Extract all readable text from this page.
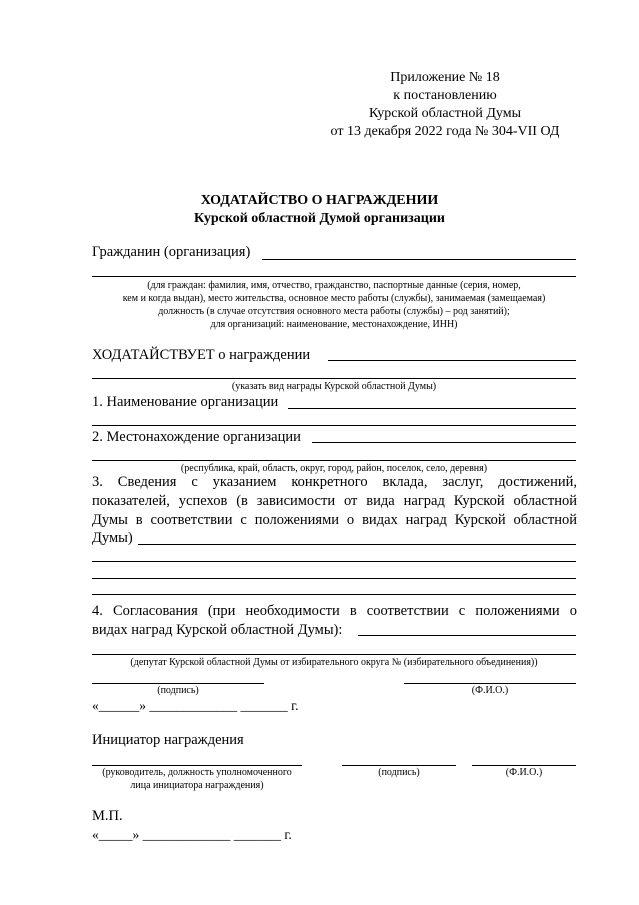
Приложение № 18
к постановлению
Курской областной Думы
от 13 декабря 2022 года № 304-VII ОД
ХОДАТАЙСТВО О НАГРАЖДЕНИИ
Курской областной Думой организации
Гражданин (организация)
(для граждан: фамилия, имя, отчество, гражданство, паспортные данные (серия, номер,
кем и когда выдан), место жительства, основное место работы (службы), занимаемая (замещаемая)
должность (в случае отсутствия основного места работы (службы) – род занятий);
для организаций: наименование, местонахождение, ИНН)
ХОДАТАЙСТВУЕТ о награждении
(указать вид награды Курской областной Думы)
1. Наименование организации
2. Местонахождение организации
(республика, край, область, округ, город, район, поселок, село, деревня)
3. Сведения с указанием конкретного вклада, заслуг, достижений,
показателей, успехов (в зависимости от вида наград Курской областной
Думы в соответствии с положениями о видах наград Курской областной
Думы)
4. Согласования (при необходимости в соответствии с положениями о
видах наград Курской областной Думы):
(депутат Курской областной Думы от избирательного округа № (избирательного объединения))
(подпись)	(Ф.И.О.)
«______» _____________ _______ г.
Инициатор награждения
(руководитель, должность уполномоченного
лица инициатора награждения)
(подпись)	(Ф.И.О.)
М.П.
«_____» _____________ _______ г.
